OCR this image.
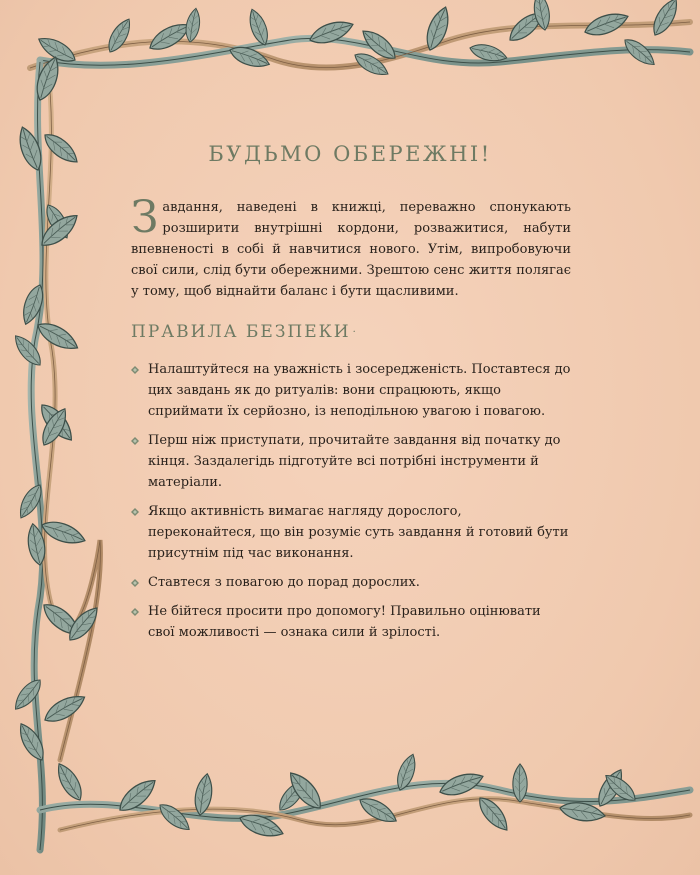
БУДЬМО ОБЕРЕЖНІ!

Завдання, наведені в книжці, переважно спонукають розширити внутрішні кордони, розважитися, набути впевненості в собі й навчитися нового. Утім, випробовуючи свої сили, слід бути обережними. Зрештою сенс життя полягає у тому, щоб віднайти баланс і бути щасливими.

ПРАВИЛА БЕЗПЕКИ ·
Налаштуйтеся на уважність і зосередженість. Поставтеся до цих завдань як до ритуалів: вони спрацюють, якщо сприймати їх серйозно, із неподільною увагою і повагою.
Перш ніж приступати, прочитайте завдання від початку до кінця. Заздалегідь підготуйте всі потрібні інструменти й матеріали.
Якщо активність вимагає нагляду дорослого, переконайтеся, що він розуміє суть завдання й готовий бути присутнім під час виконання.
Ставтеся з повагою до порад дорослих.
Не бійтеся просити про допомогу! Правильно оцінювати свої можливості — ознака сили й зрілості.
